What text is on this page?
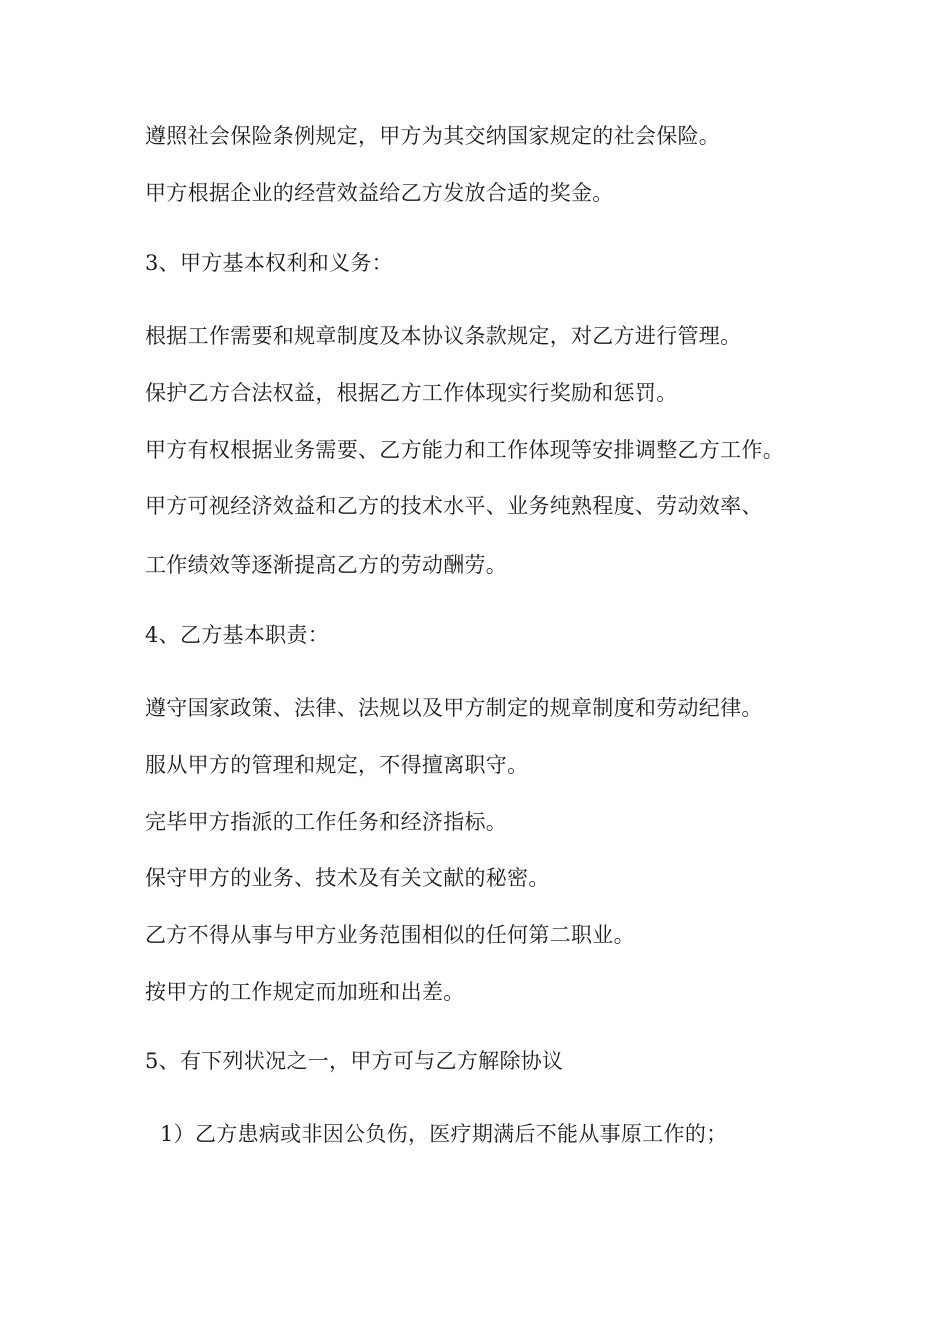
遵照社会保险条例规定，甲方为其交纳国家规定的社会保险。
甲方根据企业的经营效益给乙方发放合适的奖金。
3、甲方基本权利和义务：
根据工作需要和规章制度及本协议条款规定，对乙方进行管理。
保护乙方合法权益，根据乙方工作体现实行奖励和惩罚。
甲方有权根据业务需要、乙方能力和工作体现等安排调整乙方工作。
甲方可视经济效益和乙方的技术水平、业务纯熟程度、劳动效率、
工作绩效等逐渐提高乙方的劳动酬劳。
4、乙方基本职责：
遵守国家政策、法律、法规以及甲方制定的规章制度和劳动纪律。
服从甲方的管理和规定，不得擅离职守。
完毕甲方指派的工作任务和经济指标。
保守甲方的业务、技术及有关文献的秘密。
乙方不得从事与甲方业务范围相似的任何第二职业。
按甲方的工作规定而加班和出差。
5、有下列状况之一，甲方可与乙方解除协议
1）乙方患病或非因公负伤，医疗期满后不能从事原工作的；
